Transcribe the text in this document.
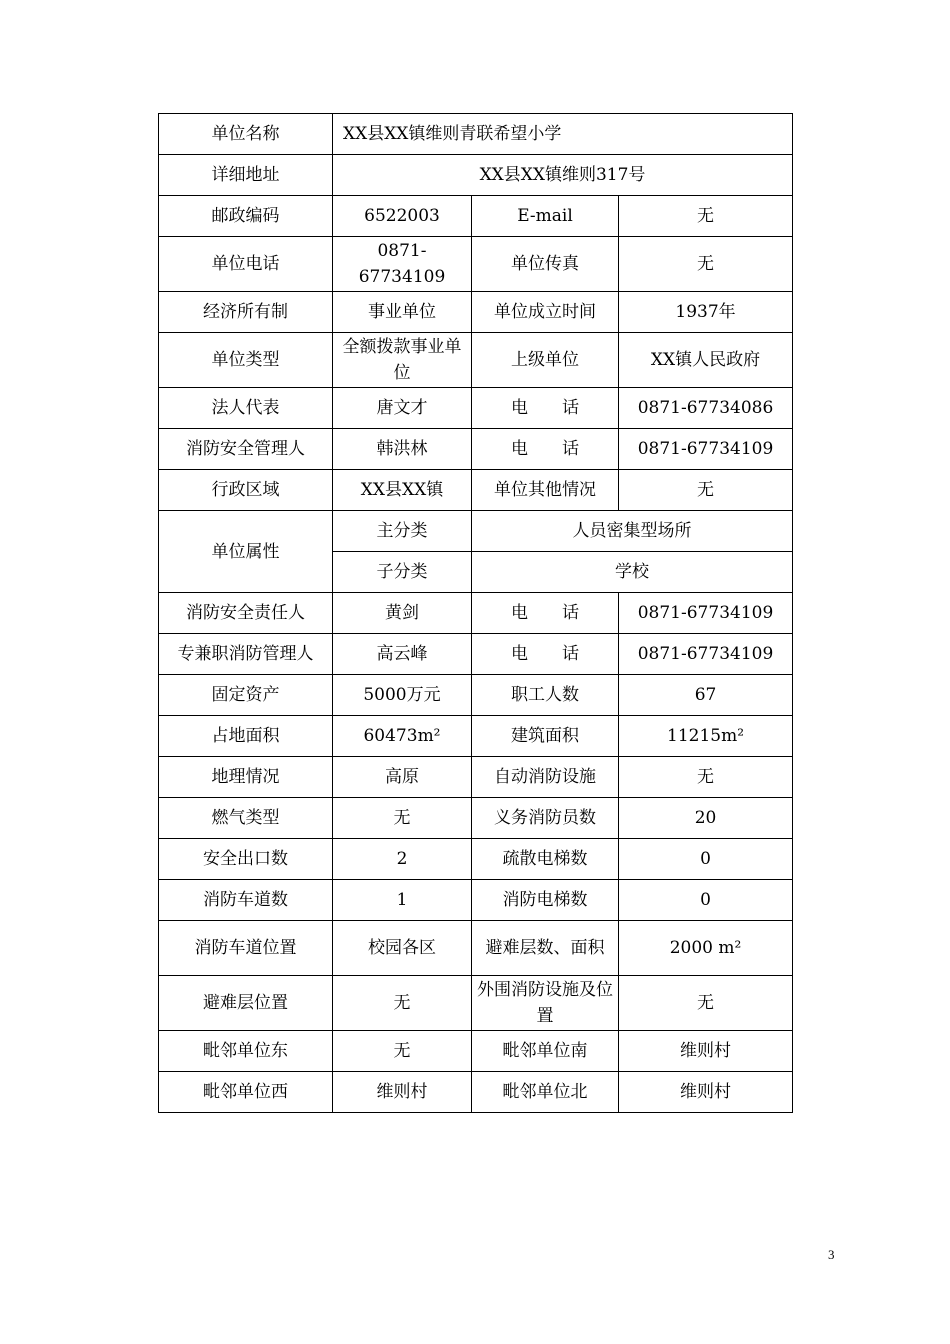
单位名称	XX县XX镇维则青联希望小学		
详细地址	XX县XX镇维则317号		
邮政编码	6522003	E-mail	无
单位电话	0871-67734109	单位传真	无
经济所有制	事业单位	单位成立时间	1937年
单位类型	全额拨款事业单位	上级单位	XX镇人民政府
法人代表	唐文才	电　　话	0871-67734086
消防安全管理人	韩洪林	电　　话	0871-67734109
行政区域	XX县XX镇	单位其他情况	无
单位属性	主分类	人员密集型场所	
	子分类	学校	
消防安全责任人	黄剑	电　　话	0871-67734109
专兼职消防管理人	高云峰	电　　话	0871-67734109
固定资产	5000万元	职工人数	67
占地面积	60473m²	建筑面积	11215m²
地理情况	高原	自动消防设施	无
燃气类型	无	义务消防员数	20
安全出口数	2	疏散电梯数	0
消防车道数	1	消防电梯数	0
消防车道位置	校园各区	避难层数、面积	2000 m²
避难层位置	无	外围消防设施及位置	无
毗邻单位东	无	毗邻单位南	维则村
毗邻单位西	维则村	毗邻单位北	维则村
3
